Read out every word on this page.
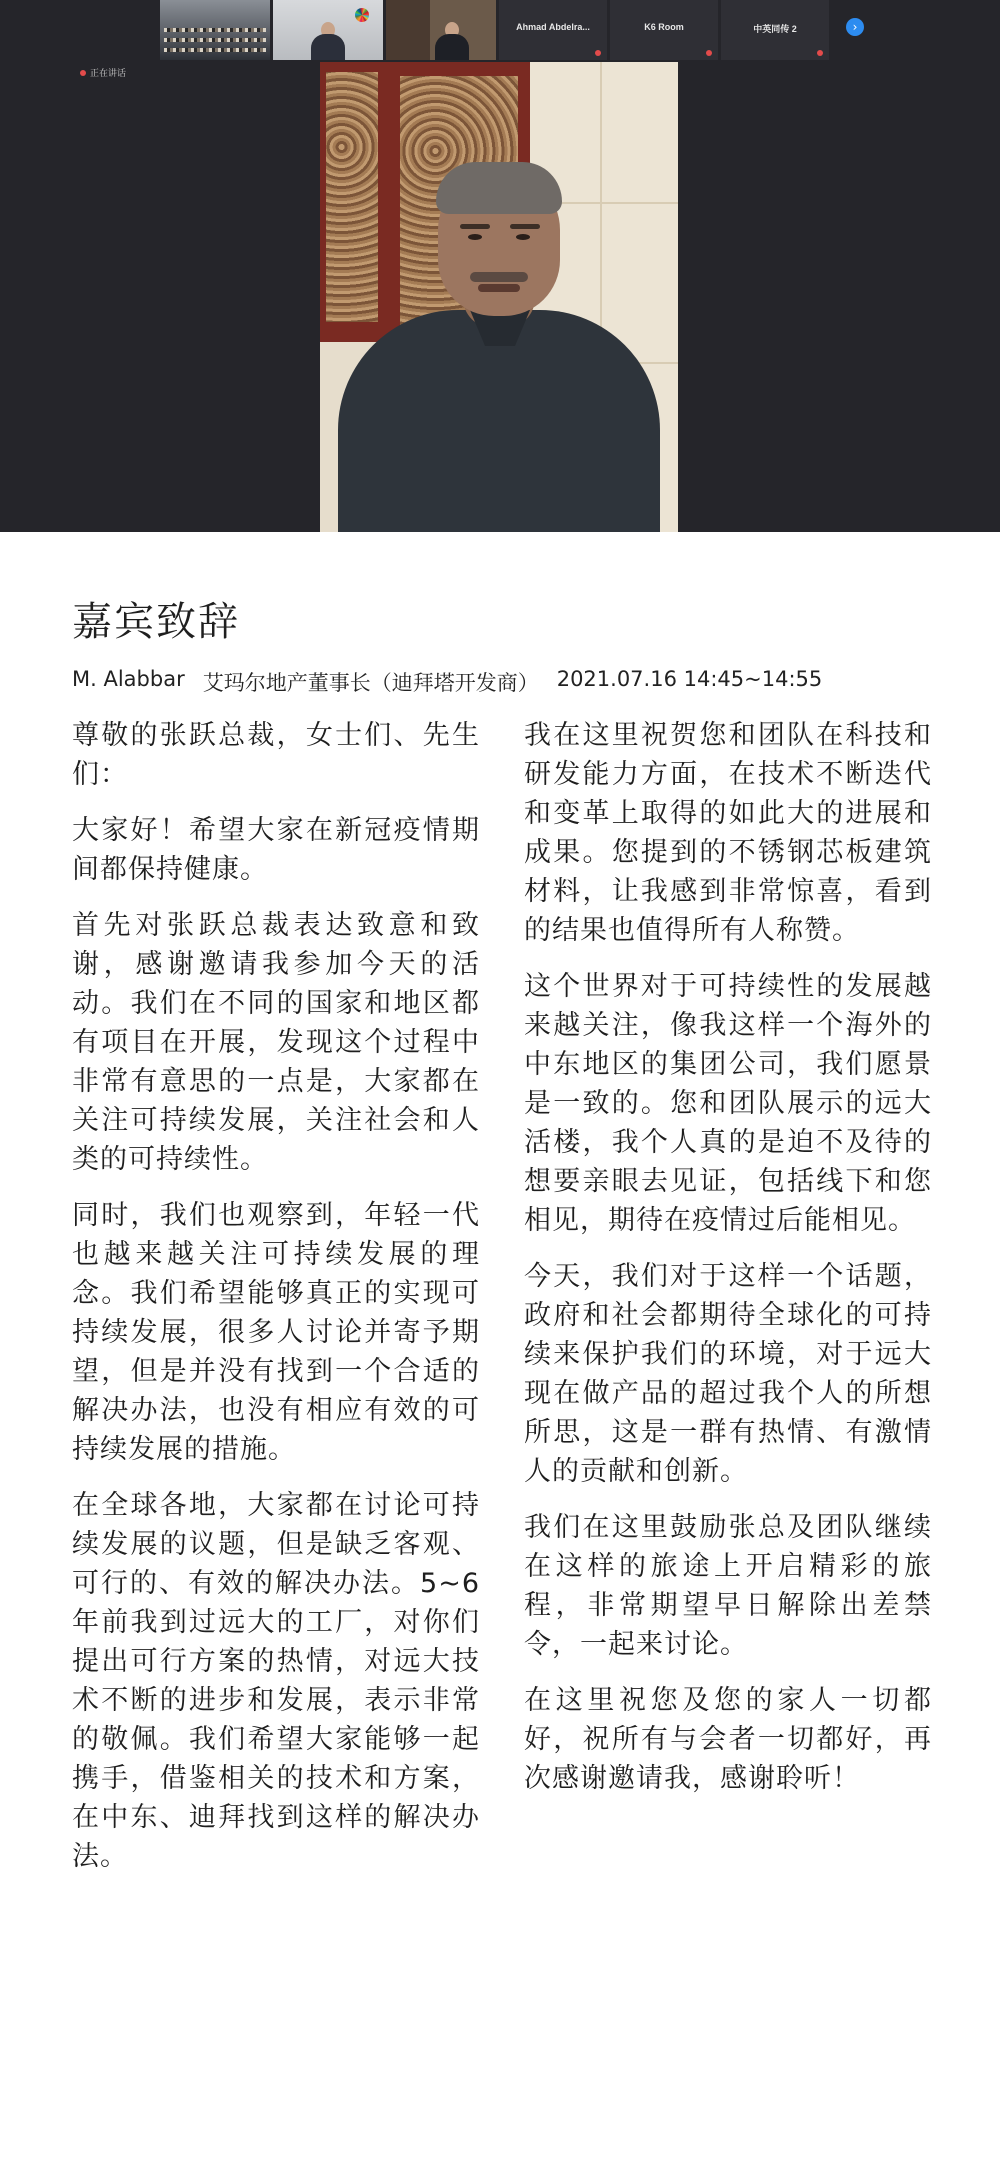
Ahmad Abdelra...	K6 Room	中英同传 2	›
正在讲话
嘉宾致辞
M. Alabbar 艾玛尔地产董事长（迪拜塔开发商） 2021.07.16 14:45~14:55

尊敬的张跃总裁，女士们、先生们：

大家好！希望大家在新冠疫情期间都保持健康。

首先对张跃总裁表达致意和致谢，感谢邀请我参加今天的活动。我们在不同的国家和地区都有项目在开展，发现这个过程中非常有意思的一点是，大家都在关注可持续发展，关注社会和人类的可持续性。

同时，我们也观察到，年轻一代也越来越关注可持续发展的理念。我们希望能够真正的实现可持续发展，很多人讨论并寄予期望，但是并没有找到一个合适的解决办法，也没有相应有效的可持续发展的措施。

在全球各地，大家都在讨论可持续发展的议题，但是缺乏客观、可行的、有效的解决办法。5~6 年前我到过远大的工厂，对你们提出可行方案的热情，对远大技术不断的进步和发展，表示非常的敬佩。我们希望大家能够一起携手，借鉴相关的技术和方案，在中东、迪拜找到这样的解决办法。

我在这里祝贺您和团队在科技和研发能力方面，在技术不断迭代和变革上取得的如此大的进展和成果。您提到的不锈钢芯板建筑材料，让我感到非常惊喜，看到的结果也值得所有人称赞。

这个世界对于可持续性的发展越来越关注，像我这样一个海外的中东地区的集团公司，我们愿景是一致的。您和团队展示的远大活楼，我个人真的是迫不及待的想要亲眼去见证，包括线下和您相见，期待在疫情过后能相见。

今天，我们对于这样一个话题，政府和社会都期待全球化的可持续来保护我们的环境，对于远大现在做产品的超过我个人的所想所思，这是一群有热情、有激情人的贡献和创新。

我们在这里鼓励张总及团队继续在这样的旅途上开启精彩的旅程，非常期望早日解除出差禁令，一起来讨论。

在这里祝您及您的家人一切都好，祝所有与会者一切都好，再次感谢邀请我，感谢聆听！
